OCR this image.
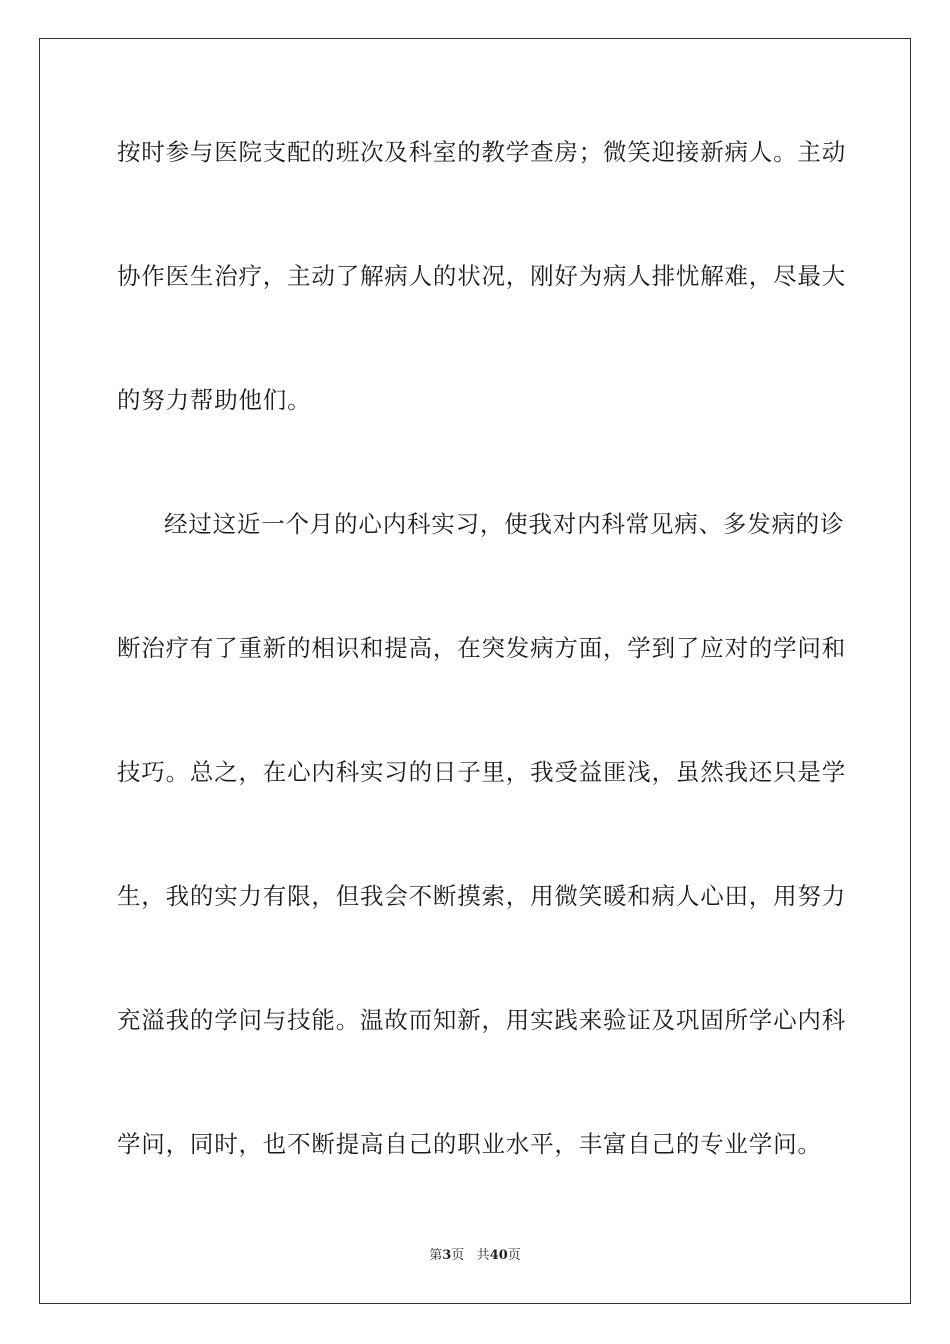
按时参与医院支配的班次及科室的教学查房；微笑迎接新病人。主动
协作医生治疗，主动了解病人的状况，刚好为病人排忧解难，尽最大
的努力帮助他们。
经过这近一个月的心内科实习，使我对内科常见病、多发病的诊
断治疗有了重新的相识和提高，在突发病方面，学到了应对的学问和
技巧。总之，在心内科实习的日子里，我受益匪浅，虽然我还只是学
生，我的实力有限，但我会不断摸索，用微笑暖和病人心田，用努力
充溢我的学问与技能。温故而知新，用实践来验证及巩固所学心内科
学问，同时，也不断提高自己的职业水平，丰富自己的专业学问。
第3页 共40页
